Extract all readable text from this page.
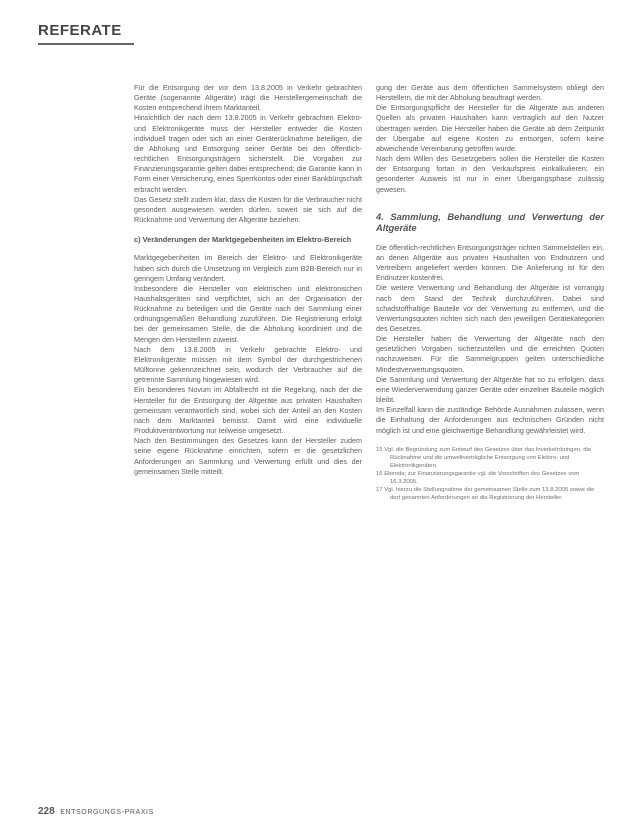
REFERATE

Für die Entsorgung der vor dem 13.8.2005 in Verkehr gebrachten Geräte (sogenannte Altgeräte) trägt die Herstellergemeinschaft die Kosten entsprechend ihrem Marktanteil.

Hinsichtlich der nach dem 13.8.2005 in Verkehr gebrachten Elektro- und Elektronikgeräte muss der Hersteller entweder die Kosten individuell tragen oder sich an einer Geräterücknahme beteiligen, die die Abholung und Entsorgung seiner Geräte bei den öffentlich-rechtlichen Entsorgungsträgern sicherstellt. Die Vorgaben zur Finanzierungsgarantie gelten dabei entsprechend; die Garantie kann in Form einer Versicherung, eines Sperrkontos oder einer Bankbürgschaft erbracht werden.

Das Gesetz stellt zudem klar, dass die Kosten für die Verbraucher nicht gesondert ausgewiesen werden dürfen, soweit sie sich auf die Rücknahme und Verwertung der Altgeräte beziehen.

c) Veränderungen der Marktgegebenheiten im Elektro-Bereich

Marktgegebenheiten im Bereich der Elektro- und Elektronikgeräte haben sich durch die Umsetzung im Vergleich zum B2B-Bereich nur in geringem Umfang verändert.

Insbesondere die Hersteller von elektrischen und elektronischen Haushaltsgeräten sind verpflichtet, sich an der Organisation der Rücknahme zu beteiligen und die Geräte nach der Sammlung einer ordnungsgemäßen Behandlung zuzuführen. Die Registrierung erfolgt bei der gemeinsamen Stelle, die die Abholung koordiniert und die Mengen den Herstellern zuweist.

Nach dem 13.8.2005 in Verkehr gebrachte Elektro- und Elektronikgeräte müssen mit dem Symbol der durchgestrichenen Mülltonne gekennzeichnet sein, wodurch der Verbraucher auf die getrennte Sammlung hingewiesen wird.

Ein besonderes Novum im Abfallrecht ist die Regelung, nach der die Hersteller für die Entsorgung der Altgeräte aus privaten Haushalten gemeinsam verantwortlich sind, wobei sich der Anteil an den Kosten nach dem Marktanteil bemisst. Damit wird eine individuelle Produktverantwortung nur teilweise umgesetzt.

Nach den Bestimmungen des Gesetzes kann der Hersteller zudem seine eigene Rücknahme einrichten, sofern er die gesetzlichen Anforderungen an Sammlung und Verwertung erfüllt und dies der gemeinsamen Stelle mitteilt.

gung der Geräte aus dem öffentlichen Sammelsystem obliegt den Herstellern, die mit der Abholung beauftragt werden.

Die Entsorgungspflicht der Hersteller für die Altgeräte aus anderen Quellen als privaten Haushalten kann vertraglich auf den Nutzer übertragen werden. Die Hersteller haben die Geräte ab dem Zeitpunkt der Übergabe auf eigene Kosten zu entsorgen, sofern keine abweichende Vereinbarung getroffen wurde.

Nach dem Willen des Gesetzgebers sollen die Hersteller die Kosten der Entsorgung fortan in den Verkaufspreis einkalkulieren; ein gesonderter Ausweis ist nur in einer Übergangsphase zulässig gewesen.

4. Sammlung, Behandlung und Verwertung der Altgeräte

Die öffentlich-rechtlichen Entsorgungsträger richten Sammelstellen ein, an denen Altgeräte aus privaten Haushalten von Endnutzern und Vertreibern angeliefert werden können. Die Anlieferung ist für den Endnutzer kostenfrei.

Die weitere Verwertung und Behandlung der Altgeräte ist vorrangig nach dem Stand der Technik durchzuführen. Dabei sind schadstoffhaltige Bauteile vor der Verwertung zu entfernen, und die Verwertungsquoten richten sich nach den jeweiligen Gerätekategorien des Gesetzes.

Die Hersteller haben die Verwertung der Altgeräte nach den gesetzlichen Vorgaben sicherzustellen und die erreichten Quoten nachzuweisen. Für die Sammelgruppen gelten unterschiedliche Mindestverwertungsquoten.

Die Sammlung und Verwertung der Altgeräte hat so zu erfolgen, dass eine Wiederverwendung ganzer Geräte oder einzelner Bauteile möglich bleibt.

Im Einzelfall kann die zuständige Behörde Ausnahmen zulassen, wenn die Einhaltung der Anforderungen aus technischen Gründen nicht möglich ist und eine gleichwertige Behandlung gewährleistet wird.

15 Vgl. die Begründung zum Entwurf des Gesetzes über das Inverkehrbringen, die Rücknahme und die umweltverträgliche Entsorgung von Elektro- und Elektronikgeräten.
16 Ebenda; zur Finanzierungsgarantie vgl. die Vorschriften des Gesetzes vom 16.3.2005.
17 Vgl. hierzu die Stellungnahme der gemeinsamen Stelle zum 13.8.2005 sowie die dort genannten Anforderungen an die Registrierung der Hersteller.
228 ENTSORGUNGS-PRAXIS
